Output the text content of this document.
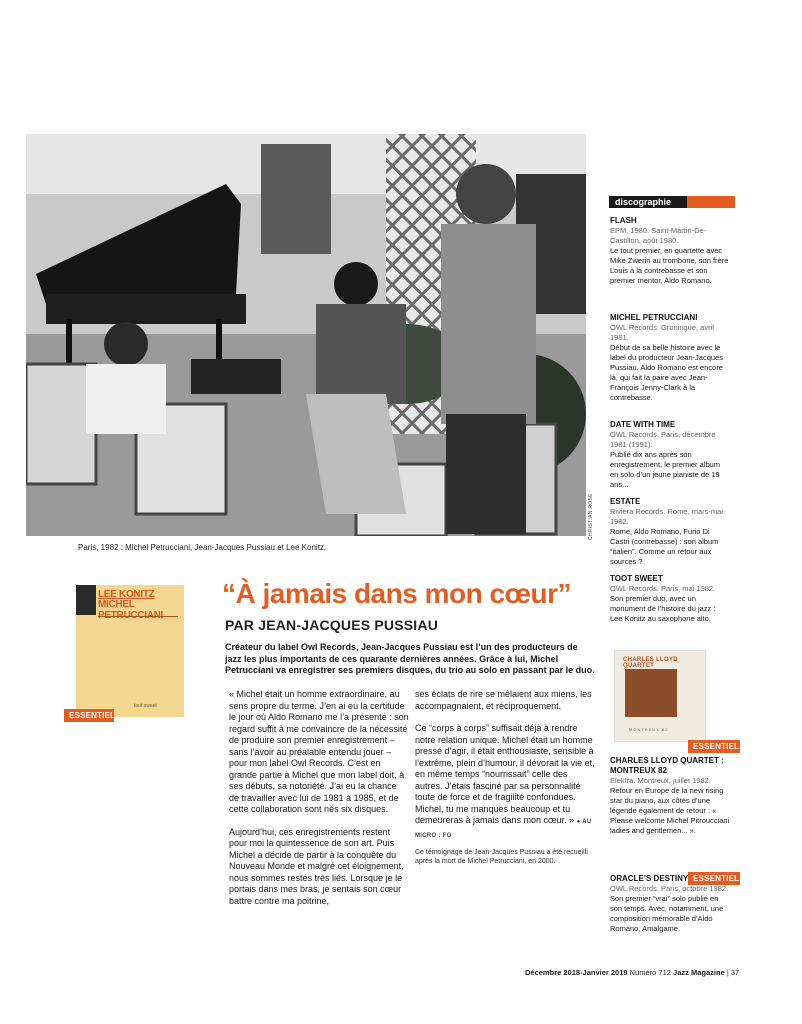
CHRISTIAN ROSE
Paris, 1982 : Michel Petrucciani, Jean-Jacques Pussiau et Lee Konitz.
LEE KONITZ
MICHEL
toot sweet
ESSENTIEL
“À jamais dans mon cœur”
PAR JEAN-JACQUES PUSSIAU
Créateur du label Owl Records, Jean-Jacques Pussiau est l’un des producteurs de jazz les plus importants de ces quarante dernières années. Grâce à lui, Michel Petrucciani va enregistrer ses premiers disques, du trio au solo en passant par le duo.

« Michel était un homme extraordinaire, au sens propre du terme. J’en ai eu la certitude le jour où Aldo Romano me l’a présenté : son regard suffit à me convaincre de la nécessité de produire son premier enregistrement – sans l’avoir au préalable entendu jouer – pour mon label Owl Records. C’est en grande partie à Michel que mon label doit, à ses débuts, sa notoriété. J’ai eu la chance de travailler avec lui de 1981 à 1985, et de cette collaboration sont nés six disques.

Aujourd’hui, ces enregistrements restent pour moi la quintessence de son art. Puis Michel a décidé de partir à la conquête du Nouveau Monde et malgré cet éloignement, nous sommes restés très liés. Lorsque je le portais dans mes bras, je sentais son cœur battre contre ma poitrine,

ses éclats de rire se mêlaient aux miens, les accompagnaient, et réciproquement.

Ce “corps à corps” suffisait déjà à rendre notre relation unique. Michel était un homme pressé d’agir, il était enthousiaste, sensible à l’extrême, plein d’humour, il dévorait la vie et, en même temps “nourrissait” celle des autres. J’étais fasciné par sa personnalité toute de force et de fragilité confondues. Michel, tu me manques beaucoup et tu demeureras à jamais dans mon cœur. » ● AU MICRO : FG

Ce témoignage de Jean-Jacques Pussiau a été recueilli après la mort de Michel Petrucciani, en 2000.

discographie
FLASH
EPM, 1980. Saint-Martin-De-Castillon, août 1980.
Le tout premier, en quartette avec Mike Zwerin au trombone, son frère Louis à la contrebasse et son premier mentor, Aldo Romano.
MICHEL PETRUCCIANI
OWL Records. Groningue, avril 1981.
Début de sa belle histoire avec le label du producteur Jean-Jacques Pussiau. Aldo Romano est encore là, qui fait la paire avec Jean-François Jenny-Clark à la contrebasse.
DATE WITH TIME
OWL Records. Paris, décembre 1981 (1991).
Publié dix ans après son enregistrement, le premier album en solo d’un jeune pianiste de 19 ans...
ESTATE
Riviera Records. Rome, mars-mai 1982.
Rome, Aldo Romano, Furio Di Castri (contrebasse) : son album “italien”. Comme un retour aux sources ?
TOOT SWEET
OWL Records. Paris, mai 1982.
Son premier duo, avec un monument de l’histoire du jazz : Lee Konitz au saxophone alto.
CHARLES LLOYD QUARTET
MONTREUX 82
ESSENTIEL
CHARLES LLOYD QUARTET : MONTREUX 82
Elektra. Montreux, juillet 1982.
Retour en Europe de la new rising star du piano, aux côtés d’une légende également de retour : « Please welcome Michel Pitroucciani ladies and gentlemen... ».
ESSENTIEL
ORACLE’S DESTINY
OWL Records. Paris, octobre 1982.
Son premier “vrai” solo publié en son temps. Avec, notamment, une composition mémorable d’Aldo Romano, Amalgame.
Décembre 2018-Janvier 2019 Numéro 712 Jazz Magazine | 37
